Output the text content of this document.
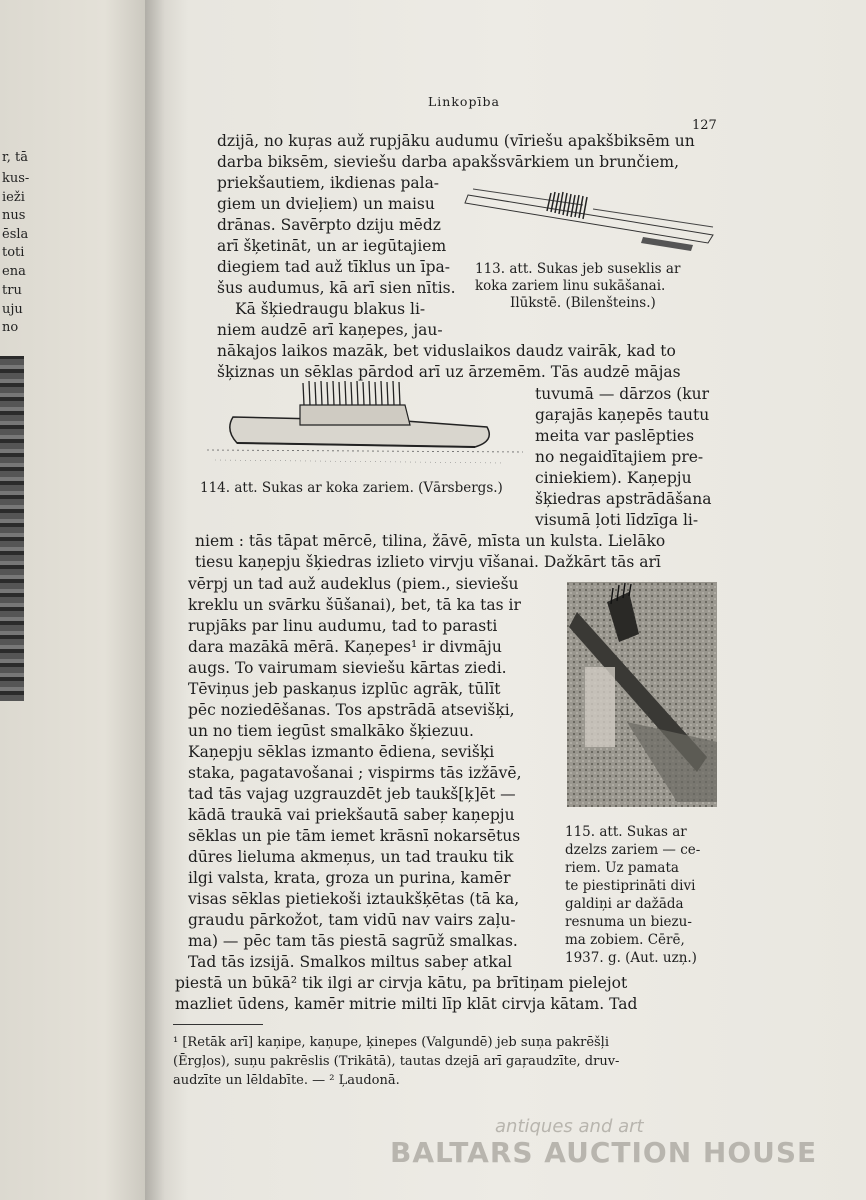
r, tā
kus-
ieži
nus
ēsla
toti
ena
tru
uju
no
Linkopība
127
dzijā, no kuŗas auž rupjāku audumu (vīriešu apakšbiksēm un
darba biksēm, sieviešu darba apakšsvārkiem un brunčiem,
priekšautiem, ikdienas pala-
giem un dvieļiem) un maisu
drānas. Savērpto dziju mēdz
arī šķetināt, un ar iegūtajiem
diegiem tad auž tīklus un īpa-
šus audumus, kā arī sien nītis.
Kā šķiedraugu blakus li-
niem audzē arī kaņepes, jau-
nākajos laikos mazāk, bet viduslaikos daudz vairāk, kad to
šķiznas un sēklas pārdod arī uz ārzemēm. Tās audzē mājas
tuvumā — dārzos (kur
gaŗajās kaņepēs tautu
meita var paslēpties
no negaidītajiem pre-
ciniekiem). Kaņepju
šķiedras apstrādāšana
visumā ļoti līdzīga li-
niem : tās tāpat mērcē, tilina, žāvē, mīsta un kulsta. Lielāko
tiesu kaņepju šķiedras izlieto virvju vīšanai. Dažkārt tās arī
vērpj un tad auž audeklus (piem., sieviešu
kreklu un svārku šūšanai), bet, tā ka tas ir
rupjāks par linu audumu, tad to parasti
dara mazākā mērā. Kaņepes¹ ir divmāju
augs. To vairumam sieviešu kārtas ziedi.
Tēviņus jeb paskaņus izplūc agrāk, tūlīt
pēc noziedēšanas. Tos apstrādā atsevišķi,
un no tiem iegūst smalkāko šķiezuu.
Kaņepju sēklas izmanto ēdiena, sevišķi
staka, pagatavošanai ; vispirms tās izžāvē,
tad tās vajag uzgrauzdēt jeb taukš[ķ]ēt —
kādā traukā vai priekšautā sabeŗ kaņepju
sēklas un pie tām iemet krāsnī nokarsētus
dūres lieluma akmeņus, un tad trauku tik
ilgi valsta, krata, groza un purina, kamēr
visas sēklas pietiekoši iztaukšķētas (tā ka,
graudu pārkožot, tam vidū nav vairs zaļu-
ma) — pēc tam tās piestā sagrūž smalkas.
Tad tās izsijā. Smalkos miltus sabeŗ atkal
piestā un būkā² tik ilgi ar cirvja kātu, pa brītiņam pielejot
mazliet ūdens, kamēr mitrie milti līp klāt cirvja kātam. Tad
113. att. Sukas jeb suseklis ar
koka zariem linu sukāšanai.
Ilūkstē. (Bilenšteins.)
114. att. Sukas ar koka zariem. (Vārsbergs.)
115. att. Sukas ar
dzelzs zariem — ce-
riem. Uz pamata
te piestiprināti divi
galdiņi ar dažāda
resnuma un biezu-
ma zobiem. Cērē,
1937. g. (Aut. uzņ.)
¹ [Retāk arī] kaņipe, kaņupe, ķinepes (Valgundē) jeb suņa pakrēšļi
(Ērgļos), suņu pakrēslis (Trikātā), tautas dzejā arī gaŗaudzīte, druv-
audzīte un lēldabīte. — ² Ļaudonā.
antiques and art
BALTARS AUCTION HOUSE
